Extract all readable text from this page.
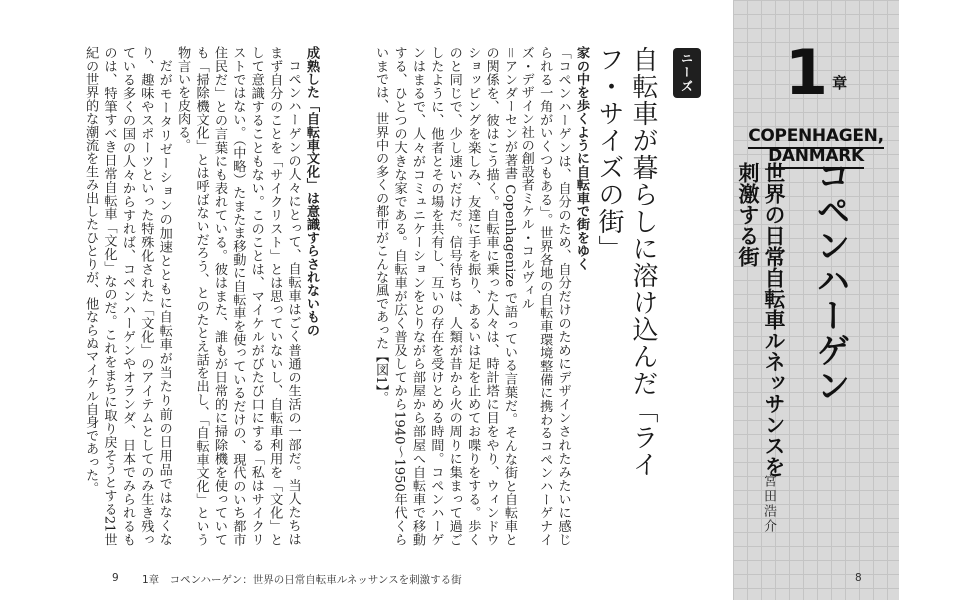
1 章
COPENHAGEN,
DANMARK
コペンハーゲン
世界の日常自転車ルネッサンスを刺激する街
宮田浩介
ニーズ
自転車が暮らしに溶け込んだ「ライフ・サイズの街」
家の中を歩くように自転車で街をゆく

「コペンハーゲンは、自分のため、自分だけのためにデザインされたみたいに感じられる一角がいくつもある」。世界各地の自転車環境整備に携わるコペンハーゲナイズ・デザイン社の創設者ミケル・コルヴィル

＝アンダーセンが著書 Copenhagenize で語っている言葉だ。そんな街と自転車との関係を、彼はこう描く。自転車に乗った人々は、時計塔に目をやり、ウィンドウショッピングを楽しみ、友達に手を振り、あるいは足を止めてお喋りをする。歩くのと同じで、少し速いだけだ。信号待ちは、人類が昔から火の周りに集まって過ごしたように、他者とその場を共有し、互いの存在を受けとめる時間。コペンハーゲンはまるで、人々がコミュニケーションをとりながら部屋から部屋へ自転車で移動する、ひとつの大きな家である。自転車が広く普及してから1940～1950年代くらいまでは、世界中の多くの都市がこんな風であった【図1】。

成熟した「自転車文化」は意識すらされないもの

コペンハーゲンの人々にとって、自転車はごく普通の生活の一部だ。当人たちはまず自分のことを「サイクリスト」とは思っていないし、自転車利用を「文化」として意識することもない。このことは、マイケルがびたび口にする「私はサイクリストではない。（中略）たまたま移動に自転車を使っているだけの、現代のいち都市住民だ」との言葉にも表れている。彼はまた、誰もが日常的に掃除機を使っていても「掃除機文化」とは呼ばないだろう、とのたとえ話を出し、「自転車文化」という物言いを皮肉る。

だがモータリゼーションの加速とともに自転車が当たり前の日用品ではなくなり、趣味やスポーツといった特殊化された「文化」のアイテムとしてのみ生き残っている多くの国の人々からすれば、コペンハーゲンやオランダ、日本でみられるものは、特筆すべき日常自転車「文化」なのだ。これをまちに取り戻そうとする21世紀の世界的な潮流を生み出したひとりが、他ならぬマイケル自身であった。

9 1章　コペンハーゲン：世界の日常自転車ルネッサンスを刺激する街	8
